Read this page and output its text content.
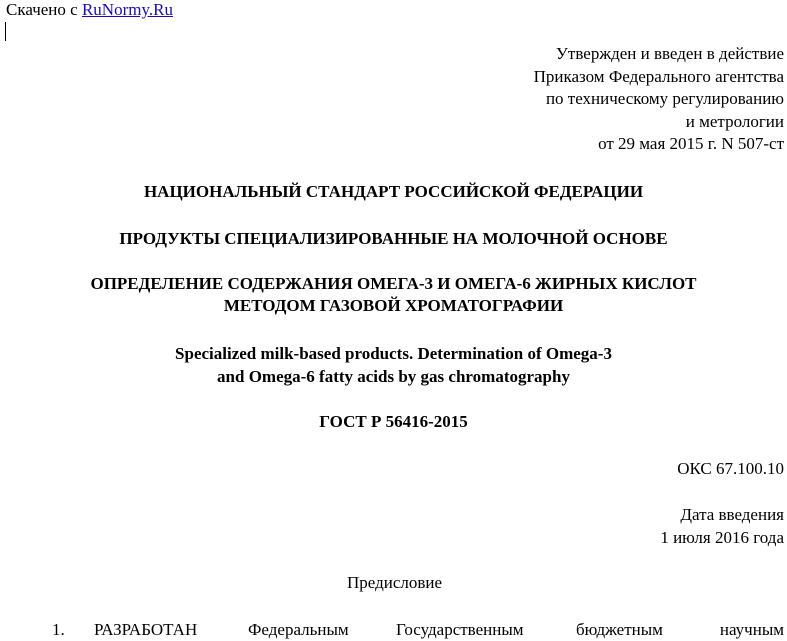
Скачено с RuNormy.Ru
Утвержден и введен в действие
Приказом Федерального агентства
по техническому регулированию
и метрологии
от 29 мая 2015 г. N 507-ст
НАЦИОНАЛЬНЫЙ СТАНДАРТ РОССИЙСКОЙ ФЕДЕРАЦИИ
ПРОДУКТЫ СПЕЦИАЛИЗИРОВАННЫЕ НА МОЛОЧНОЙ ОСНОВЕ
ОПРЕДЕЛЕНИЕ СОДЕРЖАНИЯ ОМЕГА-3 И ОМЕГА-6 ЖИРНЫХ КИСЛОТ
МЕТОДОМ ГАЗОВОЙ ХРОМАТОГРАФИИ
Specialized milk-based products. Determination of Omega-3
and Omega-6 fatty acids by gas chromatography
ГОСТ Р 56416-2015
ОКС 67.100.10
Дата введения
1 июля 2016 года
Предисловие
1. РАЗРАБОТАН	Федеральным	Государственным	бюджетным	научным
